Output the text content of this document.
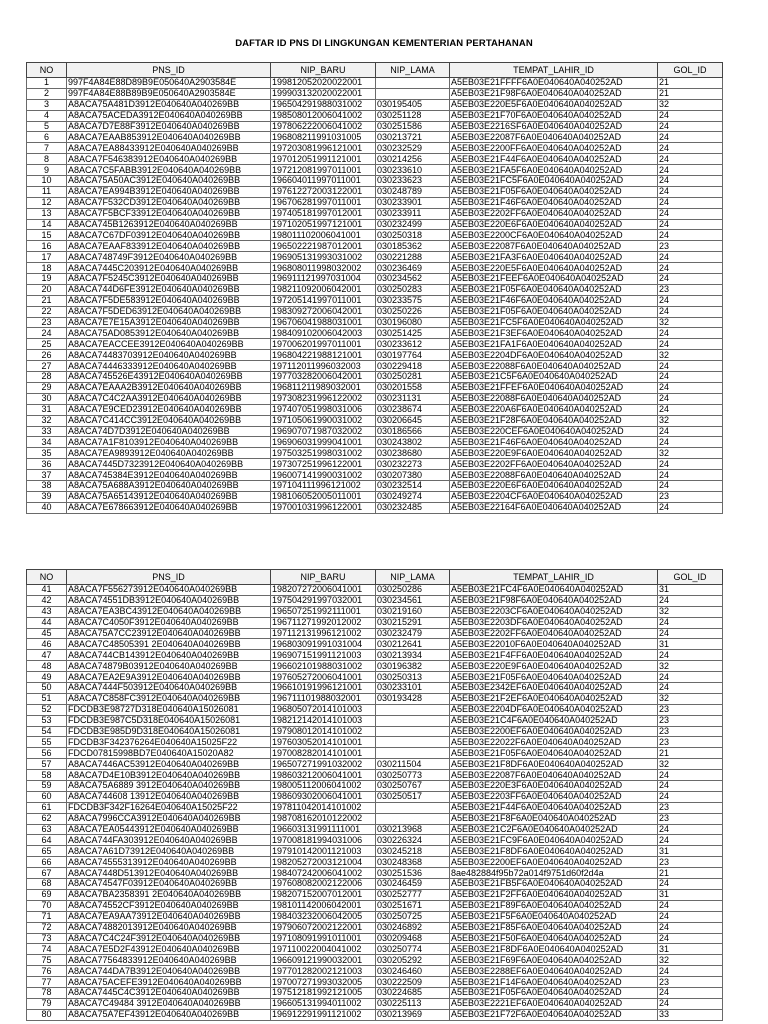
DAFTAR ID PNS DI LINGKUNGAN KEMENTERIAN PERTAHANAN
NO	PNS_ID	NIP_BARU	NIP_LAMA	TEMPAT_LAHIR_ID	GOL_ID
1	997F4A84E88D89B9E050640A2903584E	199812052020022001		A5EB03E21FFFF6A0E040640A040252AD	21
2	997F4A84E88B89B9E050640A2903584E	199903132020022001		A5EB03E21F98F6A0E040640A040252AD	21
3	A8ACA75A481D3912E040640A040269BB	196504291988031002	030195405	A5EB03E220E5F6A0E040640A040252AD	32
4	A8ACA75ACEDA3912E040640A040269BB	198508012006041002	030251128	A5EB03E21F70F6A0E040640A040252AD	24
5	A8ACA7D7E88F3912E040640A040269BB	197806222006041002	030251586	A5EB03E2216SF6A0E040640A040252AD	24
6	A8ACA7EAAB853912E040640A040269BB	196808211991031005	030213721	A5EB03E22087F6A0E040640A040252AD	24
7	A8ACA7EA88433912E040640A040269BB	197203081996121001	030232529	A5EB03E2200FF6A0E040640A040252AD	24
8	A8ACA7F546383912E040640A040269BB	197012051991121001	030214256	A5EB03E21F44F6A0E040640A040252AD	24
9	A8ACA7C5FABB3912E040640A040269BB	197212081997011001	030233610	A5EB03E21FA5F6A0E040640A040252AD	24
10	A8ACA75A50AC3912E040640A040269BB	196604011997011001	030233623	A5EB03E21FC5F6A0E040640A040252AD	24
11	A8ACA7EA994B3912E040640A040269BB	197612272003122001	030248789	A5EB03E21F05F6A0E040640A040252AD	24
12	A8ACA7F532CD3912E040640A040269BB	196706281997011001	030233901	A5EB03E21F46F6A0E040640A040252AD	24
13	A8ACA7F5BCF33912E040640A040269BB	197405181997012001	030233911	A5EB03E2202FF6A0E040640A040252AD	24
14	A8ACA745B1263912E040640A040269BB	197102051997121001	030232499	A5EB03E220E6F6A0E040640A040252AD	24
15	A8ACA7C67DF03912E040640A040269BB	198011102006041001	030250318	A5EB03E2200CF6A0E040640A040252AD	24
16	A8ACA7EAAF833912E040640A040269BB	196502221987012001	030185362	A5EB03E22087F6A0E040640A040252AD	23
17	A8ACA748749F3912E040640A040269BB	196905131993031002	030221288	A5EB03E21FA3F6A0E040640A040252AD	24
18	A8ACA7445C203912E040640A040269BB	196808011998032002	030236469	A5EB03E220E5F6A0E040640A040252AD	24
19	A8ACA7F5245C3912E040640A040269BB	196911121997031004	030234562	A5EB03E21FEEF6A0E040640A040252AD	24
20	A8ACA744D6FE3912E040640A040269BB	198211092006042001	030250283	A5EB03E21F05F6A0E040640A040252AD	23
21	A8ACA7F5DE583912E040640A040269BB	197205141997011001	030233575	A5EB03E21F46F6A0E040640A040252AD	24
22	A8ACA7F5DED63912E040640A040269BB	198309272006042001	030250226	A5EB03E21F05F6A0E040640A040252AD	24
23	A8ACA7E7E15A3912E040640A040269BB	196706041988031001	030196080	A5EB03E21FC5F6A0E040640A040252AD	32
24	A8ACA75AD0853912E040640A040269BB	198409102006042003	030251425	A5EB03E21F3EF6A0E040640A040252AD	24
25	A8ACA7EACCEE3912E040640A040269BB	197006201997011001	030233612	A5EB03E21FA1F6A0E040640A040252AD	24
26	A8ACA74483703912E040640A040269BB	196804221988121001	030197764	A5EB03E2204DF6A0E040640A040252AD	32
27	A8ACA74446333912E040640A040269BB	197112011996032003	030229418	A5EB03E22088F6A0E040640A040252AD	24
28	A8ACA745526E43912E040640A040269BB	197703282006042001	030250281	A5EB03E21C5F6A0E040640A040252AD	24
29	A8ACA7EAAA2B3912E040640A040269BB	196811211989032001	030201558	A5EB03E21FFEF6A0E040640A040252AD	24
30	A8ACA7C4C2AA3912E040640A040269BB	197308231996122002	030231131	A5EB03E22088F6A0E040640A040252AD	24
31	A8ACA7E9CED23912E040640A040269BB	197407051998031006	030238674	A5EB03E220A6F6A0E040640A040252AD	24
32	A8ACA7C414CC3912E040640A040269BB	197105061990031002	030206645	A5EB03E21F28F6A0E040640A040252AD	32
33	A8ACA74D7D3912E040640A040269BB	196907071987032002	030186566	A5EB03E220CEF6A0E040640A040252AD	24
34	A8ACA7A1F8103912E040640A040269BB	196906031999041001	030243802	A5EB03E21F46F6A0E040640A040252AD	24
35	A8ACA7EA9893912E040640A040269BB	197503251998031002	030238680	A5EB03E220E9F6A0E040640A040252AD	32
36	A8ACA7445D7323912E040640A040269BB	197307251996122001	030232273	A5EB03E2202FF6A0E040640A040252AD	24
37	A8ACA745384E3912E040640A040269BB	196007141990031002	030207380	A5EB03E22088F6A0E040640A040252AD	24
38	A8ACA75A688A3912E040640A040269BB	197104111996121002	030232514	A5EB03E220E6F6A0E040640A040252AD	24
39	A8ACA75A65143912E040640A040269BB	198106052005011001	030249274	A5EB03E2204CF6A0E040640A040252AD	23
40	A8ACA7E678663912E040640A040269BB	197001031996122001	030232485	A5EB03E22164F6A0E040640A040252AD	24
NO	PNS_ID	NIP_BARU	NIP_LAMA	TEMPAT_LAHIR_ID	GOL_ID
41	A8ACA7F556273912E040640A040269BB	198207272006041001	030250286	A5EB03E21FC4F6A0E040640A040252AD	31
42	A8ACA74551DB3912E040640A040269BB	197504291997032001	030234561	A5EB03E21F98F6A0E040640A040252AD	24
43	A8ACA7EA3BC43912E040640A040269BB	196507251992111001	030219160	A5EB03E2203CF6A0E040640A040252AD	32
44	A8ACA7C4050F3912E040640A040269BB	196711271992012002	030215291	A5EB03E2203DF6A0E040640A040252AD	24
45	A8ACA75A7CC23912E040640A040269BB	197112131996121002	030232479	A5EB03E2202FF6A0E040640A040252AD	24
46	A8ACA7C48505391 2E040640A040269BB	196803091991031004	030212641	A5EB03E22010F6A0E040640A040252AD	31
47	A8ACA744CB143912E040640A040269BB	196907151991121003	030213934	A5EB03E21F4FF6A0E040640A040252AD	24
48	A8ACA74879B03912E040640A040269BB	196602101988031002	030196382	A5EB03E220E9F6A0E040640A040252AD	32
49	A8ACA7EA2E9A3912E040640A040269BB	197605272006041001	030250313	A5EB03E21F05F6A0E040640A040252AD	24
50	A8ACA7444F503912E040640A040269BB	196610191996121001	030233101	A5EB03E2342EF6A0E040640A040252AD	24
51	A8ACA7C858FC3912E040640A040269BB	196711101988032001	030193428	A5EB03E21F2EF6A0E040640A040252AD	32
52	FDCDB3E98727D318E040640A15026081	196805072014101003		A5EB03E2204DF6A0E040640A040252AD	23
53	FDCDB3E987C5D318E040640A15026081	198212142014101003		A5EB03E21C4F6A0E040640A040252AD	23
54	FDCDB3E985D9D318E040640A15026081	197908012014101002		A5EB03E2200EF6A0E040640A040252AD	23
55	FDCDB3F342376264E040640A15025F22	197603052014101001		A5EB03E22022F6A0E040640A040252AD	23
56	FDCD07815998BD7E040640A15020A82	197008282014101001		A5EB03E21F05F6A0E040640A040252AD	21
57	A8ACA7446AC53912E040640A040269BB	196507271991032002	030211504	A5EB03E21F8DF6A0E040640A040252AD	32
58	A8ACA7D4E10B3912E040640A040269BB	198603212006041001	030250773	A5EB03E22087F6A0E040640A040252AD	24
59	A8ACA75A6889 3912E040640A040269BB	198005112006041002	030250767	A5EB03E220E3F6A0E040640A040252AD	24
60	A8ACA744608 13912E040640A040269BB	198609302006041001	030250517	A5EB03E2203FF6A0E040640A040252AD	24
61	FDCDB3F342F16264E040640A15025F22	197811042014101002		A5EB03E21F44F6A0E040640A040252AD	23
62	A8ACA7996CCA3912E040640A040269BB	198708162010122002		A5EB03E21F8F6A0E040640A040252AD	23
63	A8ACA7EA05443912E040640A040269BB	196603131991111001	030213968	A5EB03E21C2F6A0E040640A040252AD	24
64	A8ACA744FA303912E040640A040269BB	197008181994031006	030226324	A5EB03E21FC9F6A0E040640A040252AD	24
65	A8ACA7A61D73912E040640A040269BB	197910142001121003	030245218	A5EB03E21F8DF6A0E040640A040252AD	31
66	A8ACA74555313912E040640A040269BB	198205272003121004	030248368	A5EB03E2200EF6A0E040640A040252AD	23
67	A8ACA7448D513912E040640A040269BB	198407242006041002	030251536	8ae482884f95b72a014f9751d60f2d4a	21
68	A8ACA74547F03912E040640A040269BB	197608082002122006	030246459	A5EB03E21FB5F6A0E040640A040252AD	24
69	A8ACA7BA2358391 2E040640A040269BB	198207152007012001	030252777	A5EB03E21F2FF6A0E040640A040252AD	31
70	A8ACA74552CF3912E040640A040269BB	198101142006042001	030251671	A5EB03E21F89F6A0E040640A040252AD	24
71	A8ACA7EA9AA73912E040640A040269BB	198403232006042005	030250725	A5EB03E21F5F6A0E040640A040252AD	24
72	A8ACA74882013912E040640A040269BB	197906072002122001	030246892	A5EB03E21F85F6A0E040640A040252AD	24
73	A8ACA7C4C24F3912E040640A040269BB	197108091991011001	030209468	A5EB03E21F50F6A0E040640A040252AD	24
74	A8ACA7E5D2F43912E040640A040269BB	197110022004041002	030250774	A5EB03E21F8DF6A0E040640A040252AD	31
75	A8ACA77564833912E040640A040269BB	196609121990032001	030205292	A5EB03E21F69F6A0E040640A040252AD	32
76	A8ACA744DA7B3912E040640A040269BB	197701282002121003	030246460	A5EB03E2288EF6A0E040640A040252AD	24
77	A8ACA75ACEFE3912E040640A040269BB	197007271993032005	030222509	A5EB03E21F14F6A0E040640A040252AD	23
78	A8ACA7445C4C3912E040640A040269BB	197512181992121005	030224685	A5EB03E21F05F6A0E040640A040252AD	24
79	A8ACA7C49484 3912E040640A040269BB	196605131994011002	030225113	A5EB03E2221EF6A0E040640A040252AD	24
80	A8ACA75A7EF43912E040640A040269BB	196912291991121002	030213969	A5EB03E21F72F6A0E040640A040252AD	33
